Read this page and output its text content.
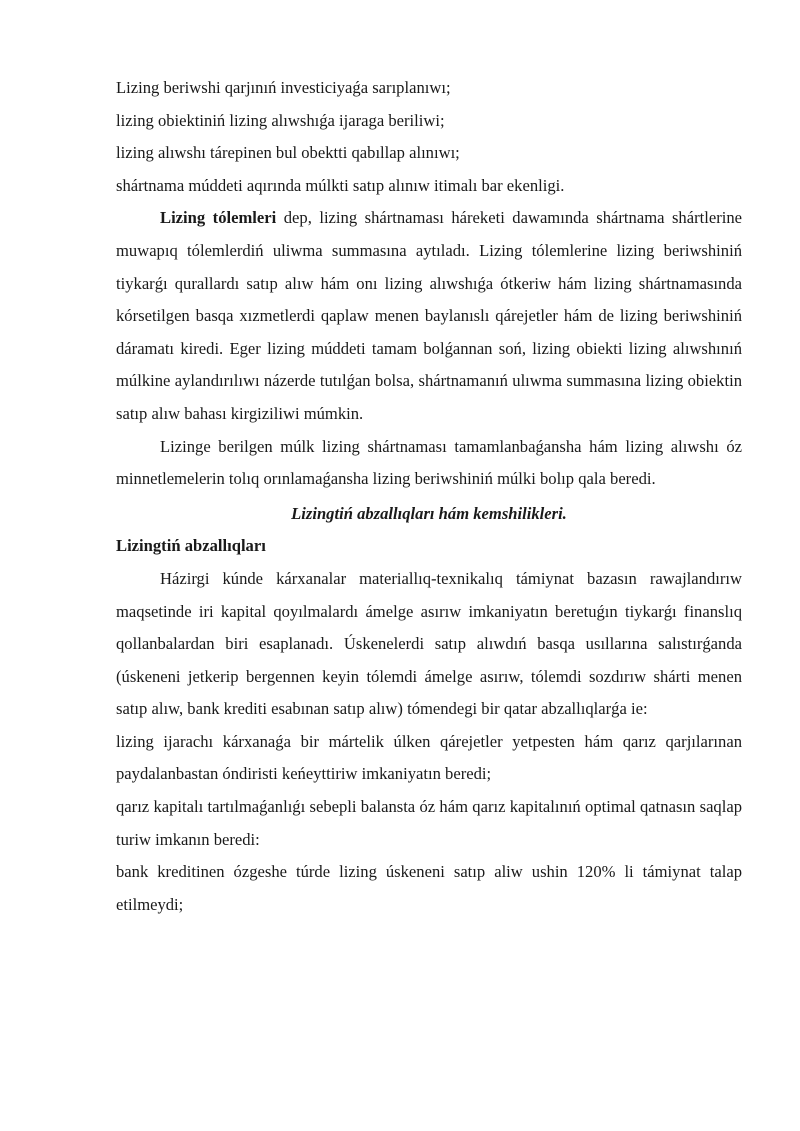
Lizing beriwshi qarjınıń investiciyaǵa sarıplanıwı;

lizing obiektiniń lizing alıwshıǵa ijaraga beriliwi;

lizing alıwshı tárepinen bul obektti qabıllap alınıwı;

shártnama múddeti aqırında múlkti satıp alınıw itimalı bar ekenligi.

Lizing tólemleri dep, lizing shártnaması háreketi dawamında shártnama shártlerine muwapıq tólemlerdiń uliwma summasına aytıladı. Lizing tólemlerine lizing beriwshiniń tiykarǵı qurallardı satıp alıw hám onı lizing alıwshıǵa ótkeriw hám lizing shártnamasında kórsetilgen basqa xızmetlerdi qaplaw menen baylanıslı qárejetler hám de lizing beriwshiniń dáramatı kiredi. Eger lizing múddeti tamam bolǵannan soń, lizing obiekti lizing alıwshınıń múlkine aylandırılıwı názerde tutılǵan bolsa, shártnamanıń ulıwma summasına lizing obiektin satıp alıw bahası kirgiziliwi múmkin.

Lizinge berilgen múlk lizing shártnaması tamamlanbaǵansha hám lizing alıwshı óz minnetlemelerin tolıq orınlamaǵansha lizing beriwshiniń múlki bolıp qala beredi.

Lizingtiń abzallıqları hám kemshilikleri.

Lizingtiń abzallıqları

Házirgi kúnde kárxanalar materiallıq-texnikalıq támiynat bazasın rawajlandırıw maqsetinde iri kapital qoyılmalardı ámelge asırıw imkaniyatın beretuǵın tiykarǵı finanslıq qollanbalardan biri esaplanadı. Úskenelerdi satıp alıwdıń basqa usıllarına salıstırǵanda (úskeneni jetkerip bergennen keyin tólemdi ámelge asırıw, tólemdi sozdırıw shárti menen satıp alıw, bank krediti esabınan satıp alıw) tómendegi bir qatar abzallıqlarǵa ie:

lizing ijarachı kárxanaǵa bir mártelik úlken qárejetler yetpesten hám qarız qarjılarınan paydalanbastan óndiristi keńeyttiriw imkaniyatın beredi;

qarız kapitalı tartılmaǵanlıǵı sebepli balansta óz hám qarız kapitalınıń optimal qatnasın saqlap turiw imkanın beredi:

bank kreditinen ózgeshe túrde lizing úskeneni satıp aliw ushin 120% li támiynat talap etilmeydi;
